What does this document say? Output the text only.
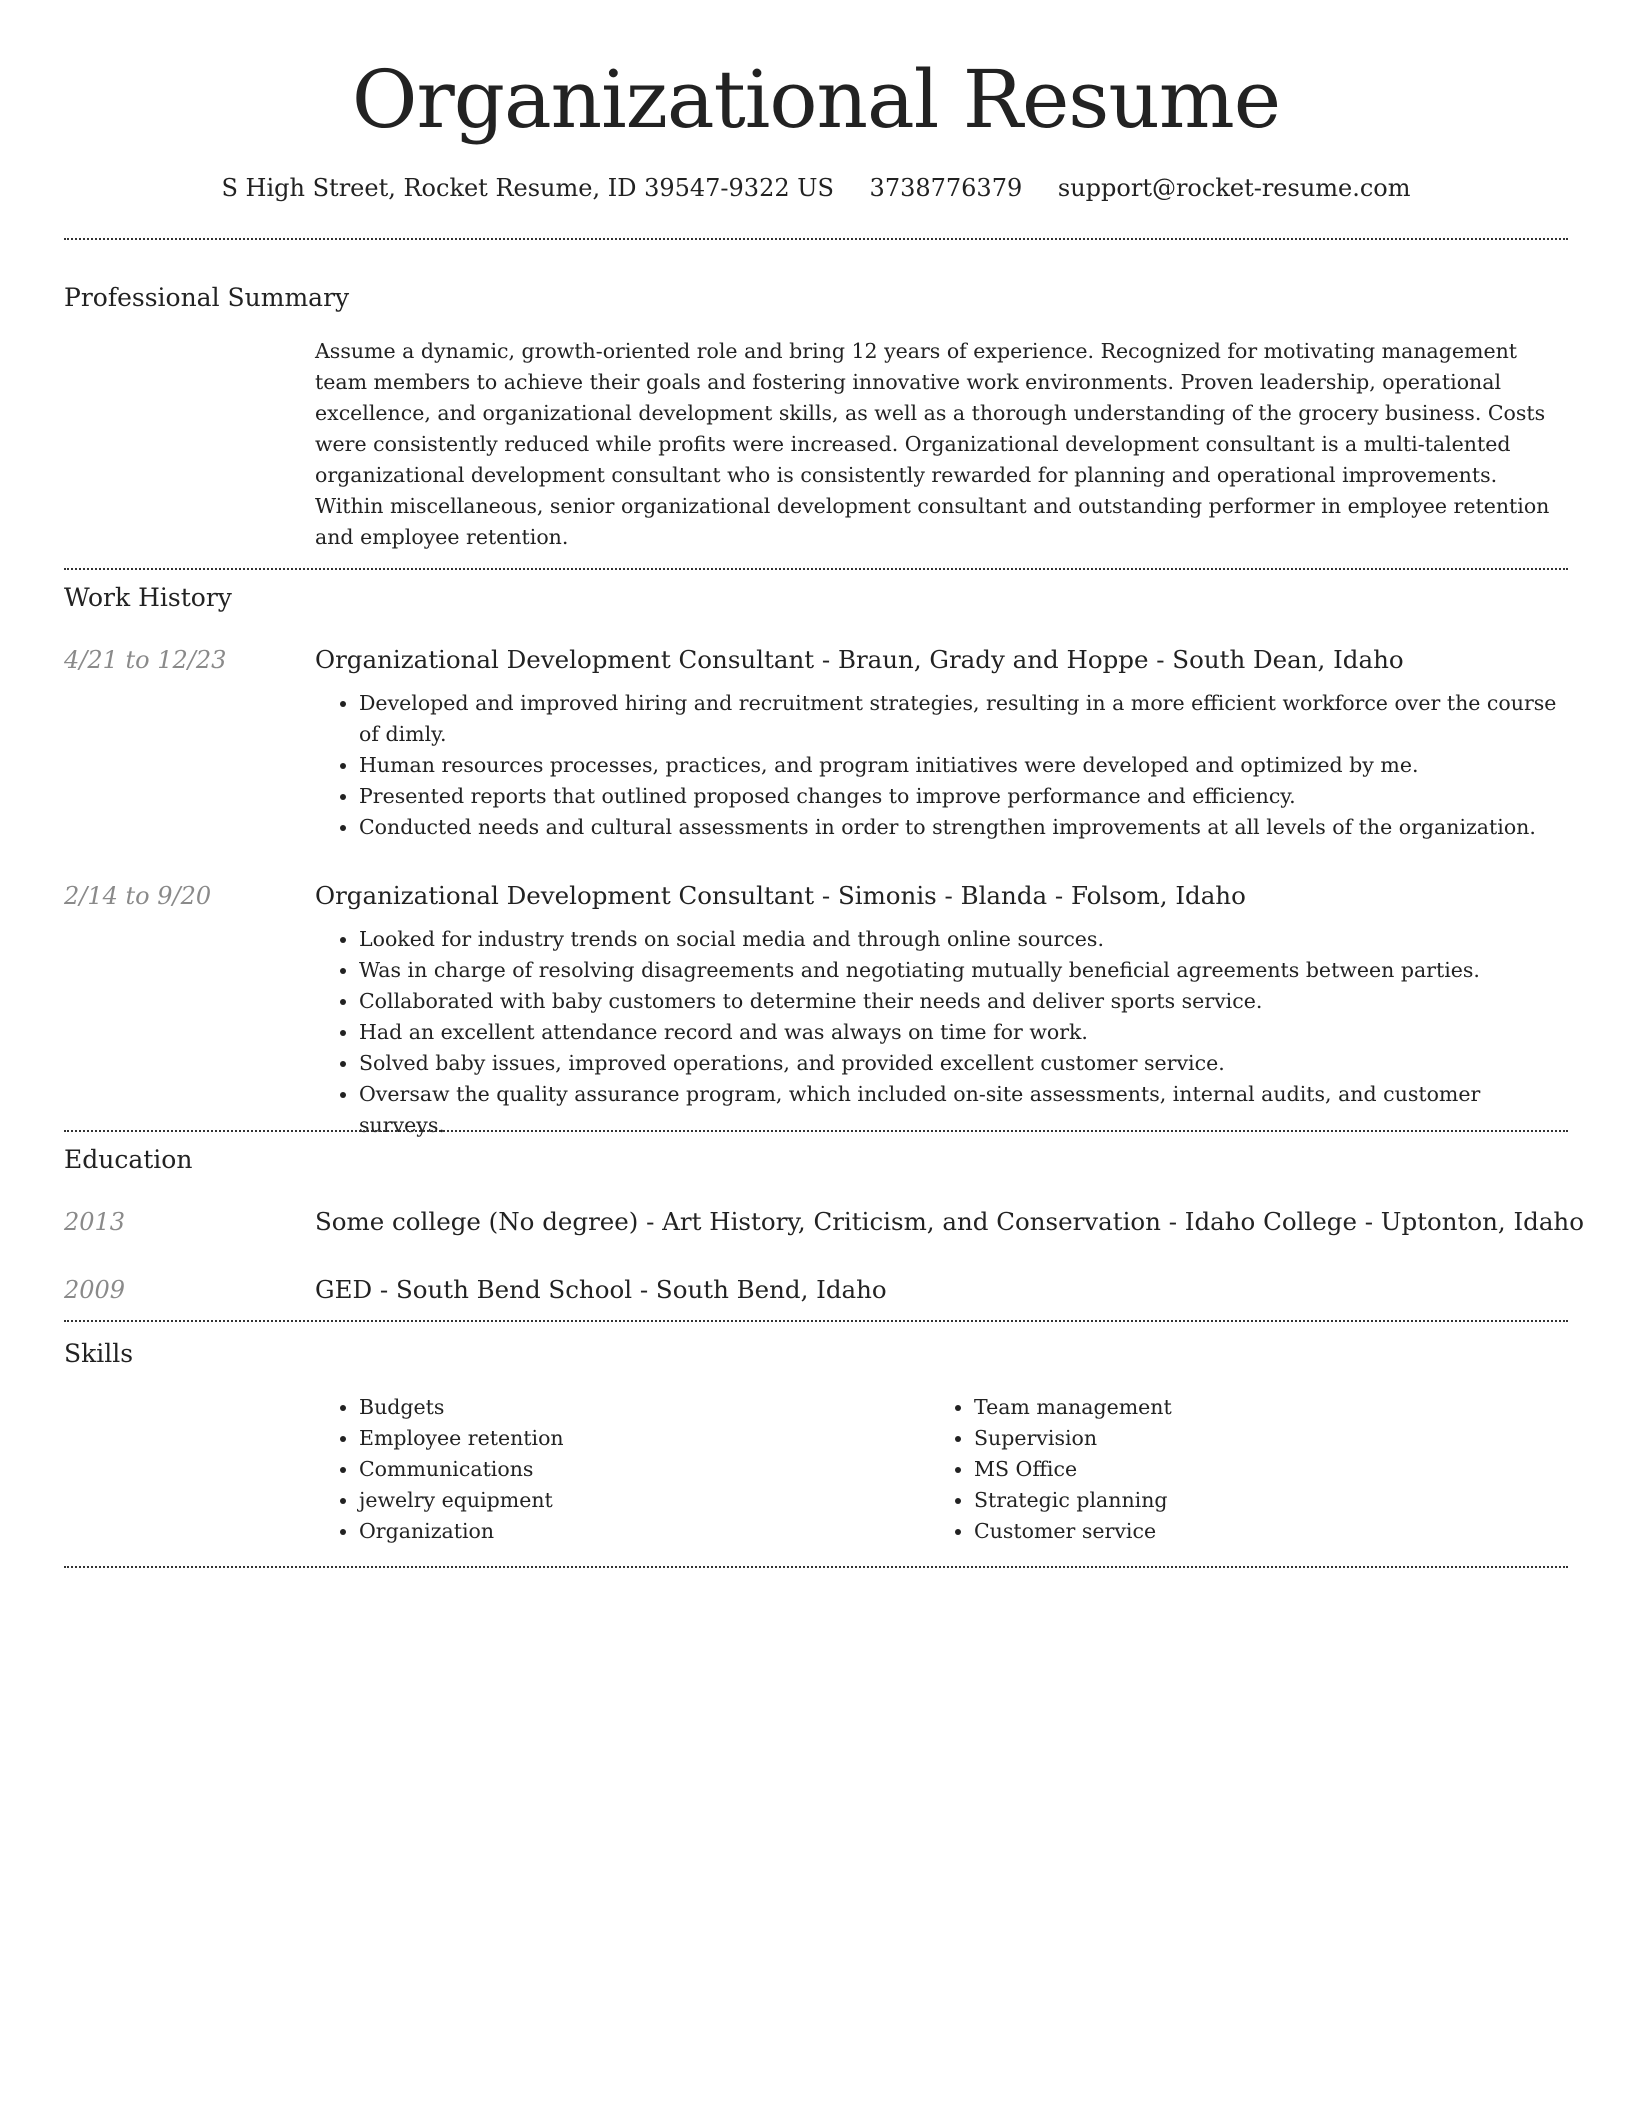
Organizational Resume
S High Street, Rocket Resume, ID 39547-9322 US 3738776379 support@rocket-resume.com
Professional Summary

Assume a dynamic, growth-oriented role and bring 12 years of experience. Recognized for motivating management team members to achieve their goals and fostering innovative work environments. Proven leadership, operational excellence, and organizational development skills, as well as a thorough understanding of the grocery business. Costs were consistently reduced while profits were increased. Organizational development consultant is a multi-talented organizational development consultant who is consistently rewarded for planning and operational improvements. Within miscellaneous, senior organizational development consultant and outstanding performer in employee retention and employee retention.

Work History
4/21 to 12/23	Organizational Development Consultant - Braun, Grady and Hoppe - South Dean, Idaho

• Developed and improved hiring and recruitment strategies, resulting in a more efficient workforce over the course of dimly.
• Human resources processes, practices, and program initiatives were developed and optimized by me.
• Presented reports that outlined proposed changes to improve performance and efficiency.
• Conducted needs and cultural assessments in order to strengthen improvements at all levels of the organization.
2/14 to 9/20	Organizational Development Consultant - Simonis - Blanda - Folsom, Idaho

• Looked for industry trends on social media and through online sources.
• Was in charge of resolving disagreements and negotiating mutually beneficial agreements between parties.
• Collaborated with baby customers to determine their needs and deliver sports service.
• Had an excellent attendance record and was always on time for work.
• Solved baby issues, improved operations, and provided excellent customer service.
• Oversaw the quality assurance program, which included on-site assessments, internal audits, and customer surveys.
Education
2013	Some college (No degree) - Art History, Criticism, and Conservation - Idaho College - Uptonton, Idaho

2009	GED - South Bend School - South Bend, Idaho

Skills
• Budgets
• Employee retention
• Communications
• jewelry equipment
• Organization
• Team management
• Supervision
• MS Office
• Strategic planning
• Customer service
